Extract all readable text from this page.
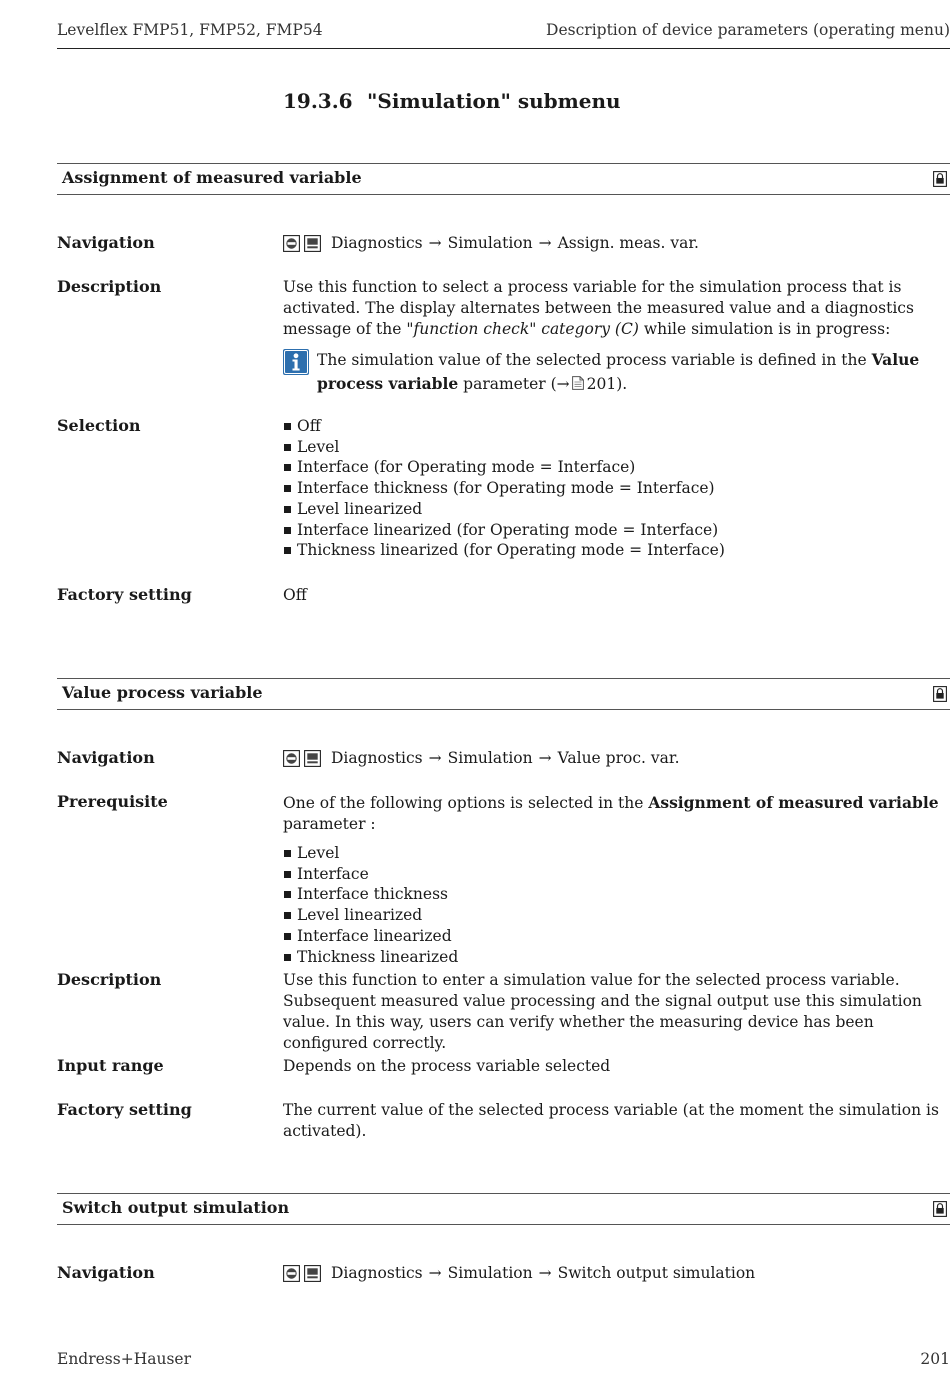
Levelflex FMP51, FMP52, FMP54	Description of device parameters (operating menu)
19.3.6 "Simulation" submenu
Assignment of measured variable
Navigation	Diagnostics → Simulation → Assign. meas. var.
Description	Use this function to select a process variable for the simulation process that is activated. The display alternates between the measured value and a diagnostics message of the "function check" category (C) while simulation is in progress:

The simulation value of the selected process variable is defined in the Value process variable parameter (→ 201).
Selection	Off
Level
Interface (for Operating mode = Interface)
Interface thickness (for Operating mode = Interface)
Level linearized
Interface linearized (for Operating mode = Interface)
Thickness linearized (for Operating mode = Interface)
Factory setting	Off
Value process variable
Navigation	Diagnostics → Simulation → Value proc. var.
Prerequisite	One of the following options is selected in the Assignment of measured variable parameter :

Level
Interface
Interface thickness
Level linearized
Interface linearized
Thickness linearized
Description	Use this function to enter a simulation value for the selected process variable. Subsequent measured value processing and the signal output use this simulation value. In this way, users can verify whether the measuring device has been configured correctly.
Input range	Depends on the process variable selected
Factory setting	The current value of the selected process variable (at the moment the simulation is activated).
Switch output simulation
Navigation	Diagnostics → Simulation → Switch output simulation
Endress+Hauser	201
